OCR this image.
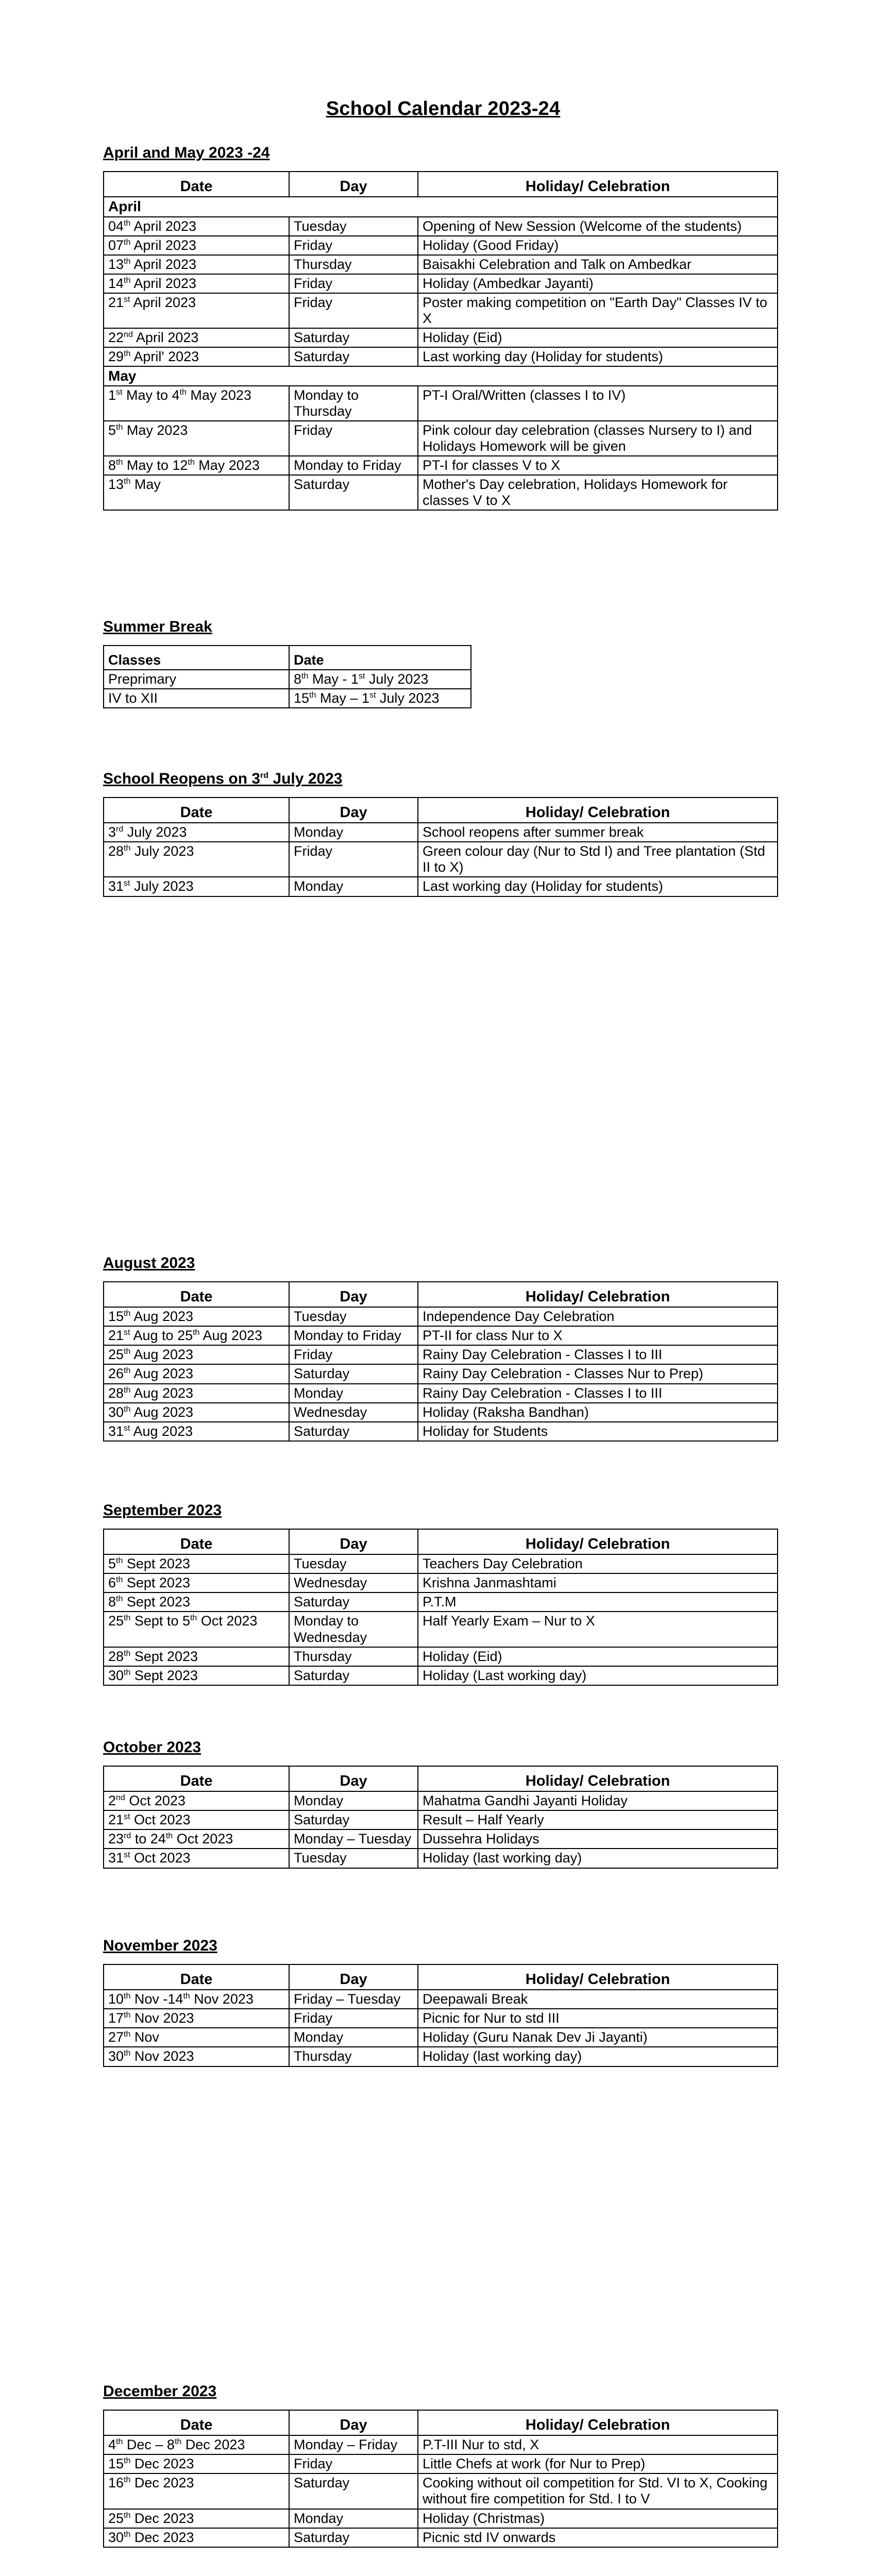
School Calendar 2023-24
April and May 2023 -24
Date	Day	Holiday/ Celebration
April		
04th April 2023	Tuesday	Opening of New Session (Welcome of the students)
07th April 2023	Friday	Holiday (Good Friday)
13th April 2023	Thursday	Baisakhi Celebration and Talk on Ambedkar
14th April 2023	Friday	Holiday (Ambedkar Jayanti)
21st April 2023	Friday	Poster making competition on "Earth Day" Classes IV to X
22nd April 2023	Saturday	Holiday (Eid)
29th April' 2023	Saturday	Last working day (Holiday for students)
May		
1st May to 4th May 2023	Monday to Thursday	PT-I Oral/Written (classes I to IV)
5th May 2023	Friday	Pink colour day celebration (classes Nursery to I) and Holidays Homework will be given
8th May to 12th May 2023	Monday to Friday	PT-I for classes V to X
13th May	Saturday	Mother's Day celebration, Holidays Homework for classes V to X
Summer Break
Classes	Date
Preprimary	8th May - 1st July 2023
IV to XII	15th May – 1st July 2023
School Reopens on 3rd July 2023
Date	Day	Holiday/ Celebration
3rd July 2023	Monday	School reopens after summer break
28th July 2023	Friday	Green colour day (Nur to Std I) and Tree plantation (Std II to X)
31st July 2023	Monday	Last working day (Holiday for students)
August 2023
Date	Day	Holiday/ Celebration
15th Aug 2023	Tuesday	Independence Day Celebration
21st Aug to 25th Aug 2023	Monday to Friday	PT-II for class Nur to X
25th Aug 2023	Friday	Rainy Day Celebration - Classes I to III
26th Aug 2023	Saturday	Rainy Day Celebration - Classes Nur to Prep)
28th Aug 2023	Monday	Rainy Day Celebration - Classes I to III
30th Aug 2023	Wednesday	Holiday (Raksha Bandhan)
31st Aug 2023	Saturday	Holiday for Students
September 2023
Date	Day	Holiday/ Celebration
5th Sept 2023	Tuesday	Teachers Day Celebration
6th Sept 2023	Wednesday	Krishna Janmashtami
8th Sept 2023	Saturday	P.T.M
25th Sept to 5th Oct 2023	Monday to Wednesday	Half Yearly Exam – Nur to X
28th Sept 2023	Thursday	Holiday (Eid)
30th Sept 2023	Saturday	Holiday (Last working day)
October 2023
Date	Day	Holiday/ Celebration
2nd Oct 2023	Monday	Mahatma Gandhi Jayanti Holiday
21st Oct 2023	Saturday	Result – Half Yearly
23rd to 24th Oct 2023	Monday – Tuesday	Dussehra Holidays
31st Oct 2023	Tuesday	Holiday (last working day)
November 2023
Date	Day	Holiday/ Celebration
10th Nov -14th Nov 2023	Friday – Tuesday	Deepawali Break
17th Nov 2023	Friday	Picnic for Nur to std III
27th Nov	Monday	Holiday (Guru Nanak Dev Ji Jayanti)
30th Nov 2023	Thursday	Holiday (last working day)
December 2023
Date	Day	Holiday/ Celebration
4th Dec – 8th Dec 2023	Monday – Friday	P.T-III Nur to std, X
15th Dec 2023	Friday	Little Chefs at work (for Nur to Prep)
16th Dec 2023	Saturday	Cooking without oil competition for Std. VI to X, Cooking without fire competition for Std. I to V
25th Dec 2023	Monday	Holiday (Christmas)
30th Dec 2023	Saturday	Picnic std IV onwards
